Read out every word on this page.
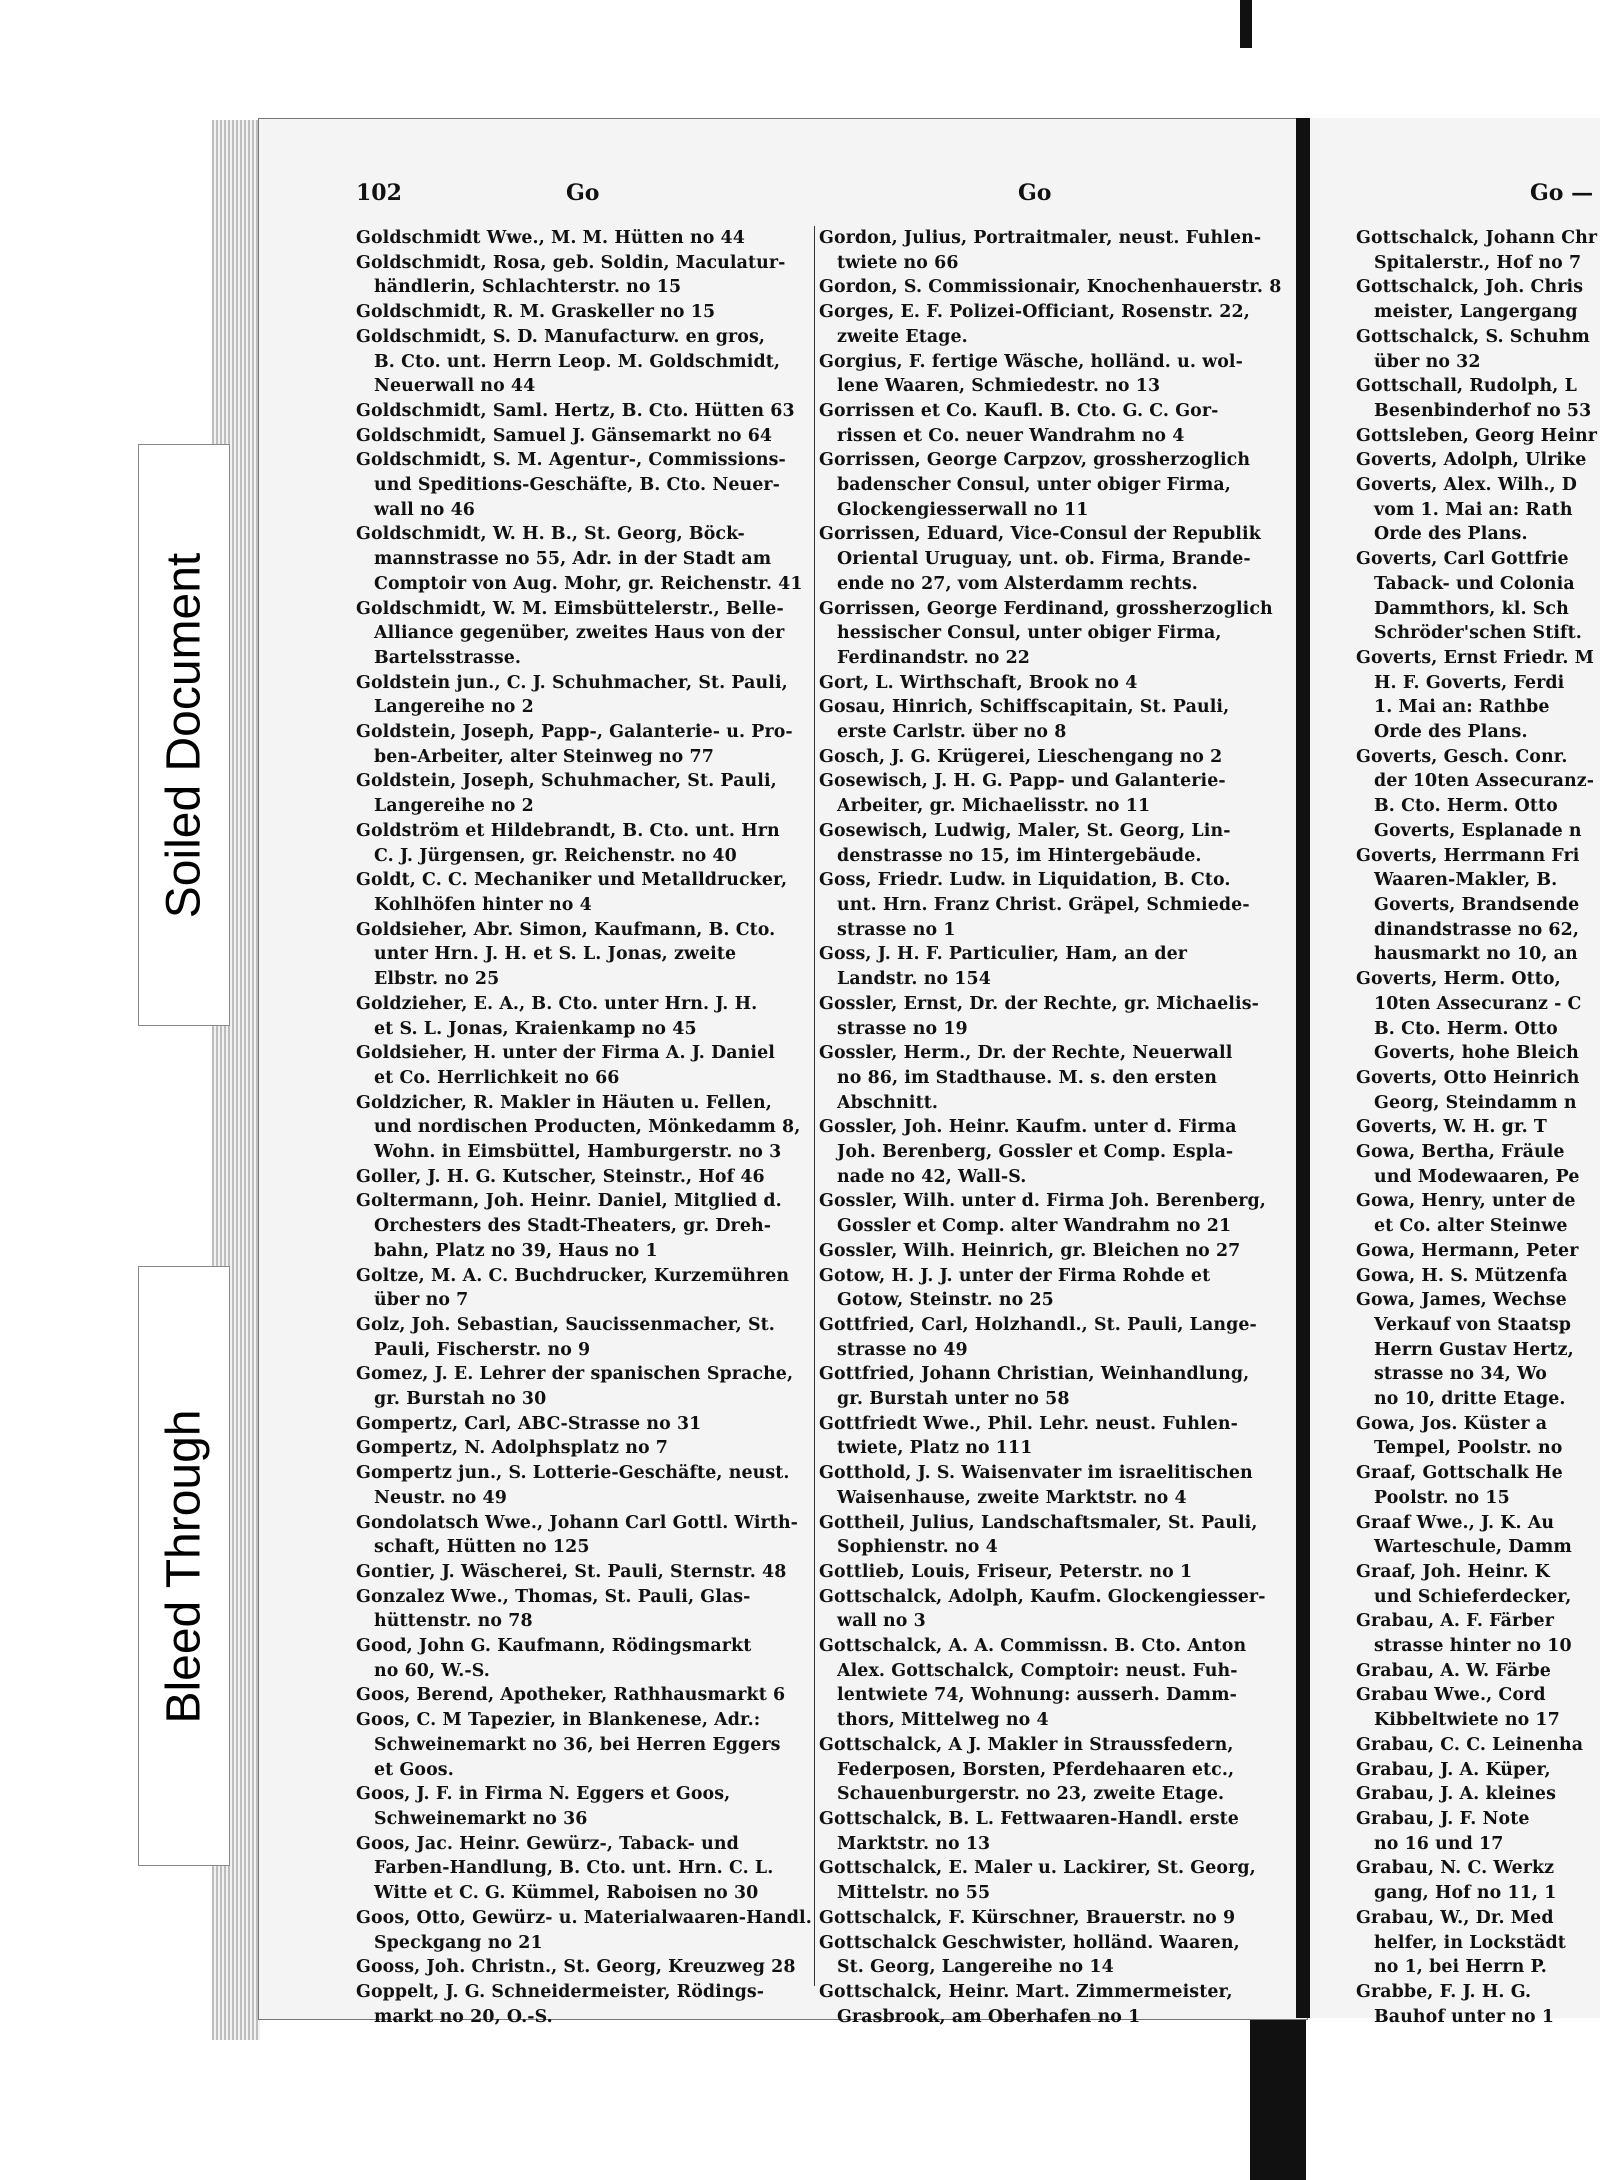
Soiled Document
Bleed Through
102	Go	Go	Go —
Goldschmidt Wwe., M. M. Hütten no 44
Goldschmidt, Rosa, geb. Soldin, Maculatur-
händlerin, Schlachterstr. no 15
Goldschmidt, R. M. Graskeller no 15
Goldschmidt, S. D. Manufacturw. en gros,
B. Cto. unt. Herrn Leop. M. Goldschmidt,
Neuerwall no 44
Goldschmidt, Saml. Hertz, B. Cto. Hütten 63
Goldschmidt, Samuel J. Gänsemarkt no 64
Goldschmidt, S. M. Agentur-, Commissions-
und Speditions-Geschäfte, B. Cto. Neuer-
wall no 46
Goldschmidt, W. H. B., St. Georg, Böck-
mannstrasse no 55, Adr. in der Stadt am
Comptoir von Aug. Mohr, gr. Reichenstr. 41
Goldschmidt, W. M. Eimsbüttelerstr., Belle-
Alliance gegenüber, zweites Haus von der
Bartelsstrasse.
Goldstein jun., C. J. Schuhmacher, St. Pauli,
Langereihe no 2
Goldstein, Joseph, Papp-, Galanterie- u. Pro-
ben-Arbeiter, alter Steinweg no 77
Goldstein, Joseph, Schuhmacher, St. Pauli,
Langereihe no 2
Goldström et Hildebrandt, B. Cto. unt. Hrn
C. J. Jürgensen, gr. Reichenstr. no 40
Goldt, C. C. Mechaniker und Metalldrucker,
Kohlhöfen hinter no 4
Goldsieher, Abr. Simon, Kaufmann, B. Cto.
unter Hrn. J. H. et S. L. Jonas, zweite
Elbstr. no 25
Goldzieher, E. A., B. Cto. unter Hrn. J. H.
et S. L. Jonas, Kraienkamp no 45
Goldsieher, H. unter der Firma A. J. Daniel
et Co. Herrlichkeit no 66
Goldzicher, R. Makler in Häuten u. Fellen,
und nordischen Producten, Mönkedamm 8,
Wohn. in Eimsbüttel, Hamburgerstr. no 3
Goller, J. H. G. Kutscher, Steinstr., Hof 46
Goltermann, Joh. Heinr. Daniel, Mitglied d.
Orchesters des Stadt-Theaters, gr. Dreh-
bahn, Platz no 39, Haus no 1
Goltze, M. A. C. Buchdrucker, Kurzemühren
über no 7
Golz, Joh. Sebastian, Saucissenmacher, St.
Pauli, Fischerstr. no 9
Gomez, J. E. Lehrer der spanischen Sprache,
gr. Burstah no 30
Gompertz, Carl, ABC-Strasse no 31
Gompertz, N. Adolphsplatz no 7
Gompertz jun., S. Lotterie-Geschäfte, neust.
Neustr. no 49
Gondolatsch Wwe., Johann Carl Gottl. Wirth-
schaft, Hütten no 125
Gontier, J. Wäscherei, St. Pauli, Sternstr. 48
Gonzalez Wwe., Thomas, St. Pauli, Glas-
hüttenstr. no 78
Good, John G. Kaufmann, Rödingsmarkt
no 60, W.-S.
Goos, Berend, Apotheker, Rathhausmarkt 6
Goos, C. M Tapezier, in Blankenese, Adr.:
Schweinemarkt no 36, bei Herren Eggers
et Goos.
Goos, J. F. in Firma N. Eggers et Goos,
Schweinemarkt no 36
Goos, Jac. Heinr. Gewürz-, Taback- und
Farben-Handlung, B. Cto. unt. Hrn. C. L.
Witte et C. G. Kümmel, Raboisen no 30
Goos, Otto, Gewürz- u. Materialwaaren-Handl.
Speckgang no 21
Gooss, Joh. Christn., St. Georg, Kreuzweg 28
Goppelt, J. G. Schneidermeister, Rödings-
markt no 20, O.-S.
Gordon, Julius, Portraitmaler, neust. Fuhlen-
twiete no 66
Gordon, S. Commissionair, Knochenhauerstr. 8
Gorges, E. F. Polizei-Officiant, Rosenstr. 22,
zweite Etage.
Gorgius, F. fertige Wäsche, holländ. u. wol-
lene Waaren, Schmiedestr. no 13
Gorrissen et Co. Kaufl. B. Cto. G. C. Gor-
rissen et Co. neuer Wandrahm no 4
Gorrissen, George Carpzov, grossherzoglich
badenscher Consul, unter obiger Firma,
Glockengiesserwall no 11
Gorrissen, Eduard, Vice-Consul der Republik
Oriental Uruguay, unt. ob. Firma, Brande-
ende no 27, vom Alsterdamm rechts.
Gorrissen, George Ferdinand, grossherzoglich
hessischer Consul, unter obiger Firma,
Ferdinandstr. no 22
Gort, L. Wirthschaft, Brook no 4
Gosau, Hinrich, Schiffscapitain, St. Pauli,
erste Carlstr. über no 8
Gosch, J. G. Krügerei, Lieschengang no 2
Gosewisch, J. H. G. Papp- und Galanterie-
Arbeiter, gr. Michaelisstr. no 11
Gosewisch, Ludwig, Maler, St. Georg, Lin-
denstrasse no 15, im Hintergebäude.
Goss, Friedr. Ludw. in Liquidation, B. Cto.
unt. Hrn. Franz Christ. Gräpel, Schmiede-
strasse no 1
Goss, J. H. F. Particulier, Ham, an der
Landstr. no 154
Gossler, Ernst, Dr. der Rechte, gr. Michaelis-
strasse no 19
Gossler, Herm., Dr. der Rechte, Neuerwall
no 86, im Stadthause. M. s. den ersten
Abschnitt.
Gossler, Joh. Heinr. Kaufm. unter d. Firma
Joh. Berenberg, Gossler et Comp. Espla-
nade no 42, Wall-S.
Gossler, Wilh. unter d. Firma Joh. Berenberg,
Gossler et Comp. alter Wandrahm no 21
Gossler, Wilh. Heinrich, gr. Bleichen no 27
Gotow, H. J. J. unter der Firma Rohde et
Gotow, Steinstr. no 25
Gottfried, Carl, Holzhandl., St. Pauli, Lange-
strasse no 49
Gottfried, Johann Christian, Weinhandlung,
gr. Burstah unter no 58
Gottfriedt Wwe., Phil. Lehr. neust. Fuhlen-
twiete, Platz no 111
Gotthold, J. S. Waisenvater im israelitischen
Waisenhause, zweite Marktstr. no 4
Gottheil, Julius, Landschaftsmaler, St. Pauli,
Sophienstr. no 4
Gottlieb, Louis, Friseur, Peterstr. no 1
Gottschalck, Adolph, Kaufm. Glockengiesser-
wall no 3
Gottschalck, A. A. Commissn. B. Cto. Anton
Alex. Gottschalck, Comptoir: neust. Fuh-
lentwiete 74, Wohnung: ausserh. Damm-
thors, Mittelweg no 4
Gottschalck, A J. Makler in Straussfedern,
Federposen, Borsten, Pferdehaaren etc.,
Schauenburgerstr. no 23, zweite Etage.
Gottschalck, B. L. Fettwaaren-Handl. erste
Marktstr. no 13
Gottschalck, E. Maler u. Lackirer, St. Georg,
Mittelstr. no 55
Gottschalck, F. Kürschner, Brauerstr. no 9
Gottschalck Geschwister, holländ. Waaren,
St. Georg, Langereihe no 14
Gottschalck, Heinr. Mart. Zimmermeister,
Grasbrook, am Oberhafen no 1
Gottschalck, Johann Chr
Spitalerstr., Hof no 7
Gottschalck, Joh. Chris
meister, Langergang
Gottschalck, S. Schuhm
über no 32
Gottschall, Rudolph, L
Besenbinderhof no 53
Gottsleben, Georg Heinr
Goverts, Adolph, Ulrike
Goverts, Alex. Wilh., D
vom 1. Mai an: Rath
Orde des Plans.
Goverts, Carl Gottfrie
Taback- und Colonia
Dammthors, kl. Sch
Schröder'schen Stift.
Goverts, Ernst Friedr. M
H. F. Goverts, Ferdi
1. Mai an: Rathbe
Orde des Plans.
Goverts, Gesch. Conr.
der 10ten Assecuranz-
B. Cto. Herm. Otto
Goverts, Esplanade n
Goverts, Herrmann Fri
Waaren-Makler, B.
Goverts, Brandsende
dinandstrasse no 62,
hausmarkt no 10, an
Goverts, Herm. Otto,
10ten Assecuranz - C
B. Cto. Herm. Otto
Goverts, hohe Bleich
Goverts, Otto Heinrich
Georg, Steindamm n
Goverts, W. H. gr. T
Gowa, Bertha, Fräule
und Modewaaren, Pe
Gowa, Henry, unter de
et Co. alter Steinwe
Gowa, Hermann, Peter
Gowa, H. S. Mützenfa
Gowa, James, Wechse
Verkauf von Staatsp
Herrn Gustav Hertz,
strasse no 34, Wo
no 10, dritte Etage.
Gowa, Jos. Küster a
Tempel, Poolstr. no
Graaf, Gottschalk He
Poolstr. no 15
Graaf Wwe., J. K. Au
Warteschule, Damm
Graaf, Joh. Heinr. K
und Schieferdecker,
Grabau, A. F. Färber
strasse hinter no 10
Grabau, A. W. Färbe
Grabau Wwe., Cord
Kibbeltwiete no 17
Grabau, C. C. Leinenha
Grabau, J. A. Küper,
Grabau, J. A. kleines
Grabau, J. F. Note
no 16 und 17
Grabau, N. C. Werkz
gang, Hof no 11, 1
Grabau, W., Dr. Med
helfer, in Lockstädt
no 1, bei Herrn P.
Grabbe, F. J. H. G.
Bauhof unter no 1
